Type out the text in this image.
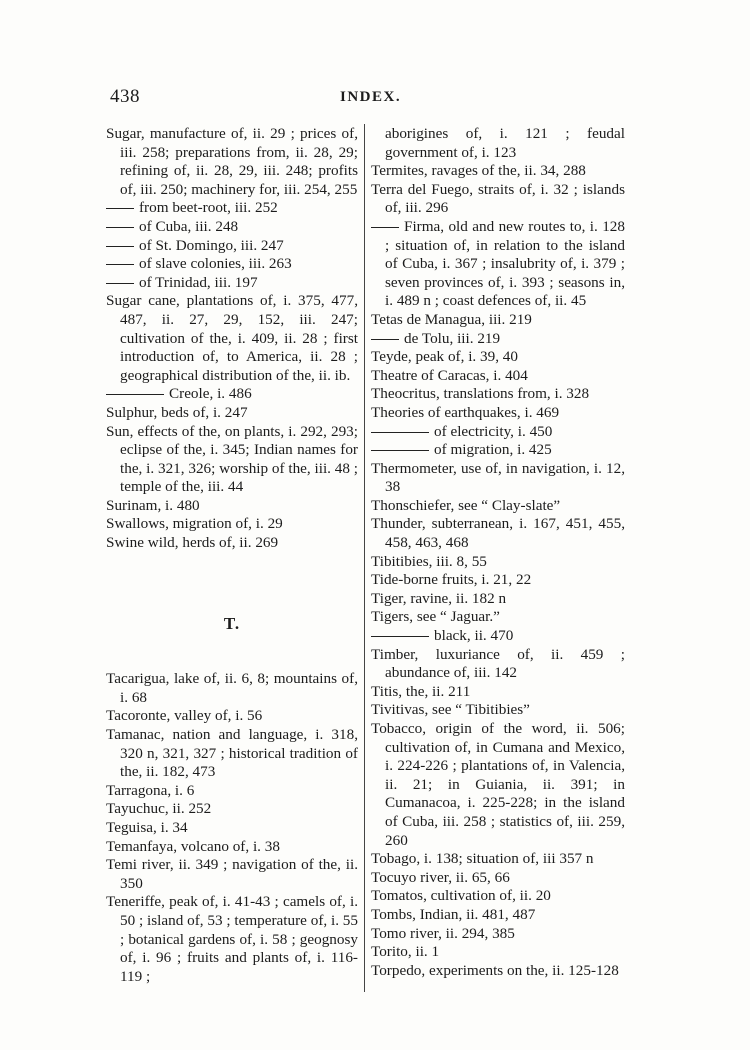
438	INDEX.
Sugar, manufacture of, ii. 29 ; prices of, iii. 258; preparations from, ii. 28, 29; refining of, ii. 28, 29, iii. 248; profits of, iii. 250; machinery for, iii. 254, 255
from beet-root, iii. 252
of Cuba, iii. 248
of St. Domingo, iii. 247
of slave colonies, iii. 263
of Trinidad, iii. 197
Sugar cane, plantations of, i. 375, 477, 487, ii. 27, 29, 152, iii. 247; cultivation of the, i. 409, ii. 28 ; first introduction of, to America, ii. 28 ; geographical distribution of the, ii. ib.
Creole, i. 486
Sulphur, beds of, i. 247
Sun, effects of the, on plants, i. 292, 293; eclipse of the, i. 345; Indian names for the, i. 321, 326; worship of the, iii. 48 ; temple of the, iii. 44
Surinam, i. 480
Swallows, migration of, i. 29
Swine wild, herds of, ii. 269
T.
Tacarigua, lake of, ii. 6, 8; mountains of, i. 68
Tacoronte, valley of, i. 56
Tamanac, nation and language, i. 318, 320 n, 321, 327 ; historical tradition of the, ii. 182, 473
Tarragona, i. 6
Tayuchuc, ii. 252
Teguisa, i. 34
Temanfaya, volcano of, i. 38
Temi river, ii. 349 ; navigation of the, ii. 350
Teneriffe, peak of, i. 41-43 ; camels of, i. 50 ; island of, 53 ; temperature of, i. 55 ; botanical gardens of, i. 58 ; geognosy of, i. 96 ; fruits and plants of, i. 116-119 ;
aborigines of, i. 121 ; feudal government of, i. 123
Termites, ravages of the, ii. 34, 288
Terra del Fuego, straits of, i. 32 ; islands of, iii. 296
Firma, old and new routes to, i. 128 ; situation of, in relation to the island of Cuba, i. 367 ; insalubrity of, i. 379 ; seven provinces of, i. 393 ; seasons in, i. 489 n ; coast defences of, ii. 45
Tetas de Managua, iii. 219
de Tolu, iii. 219
Teyde, peak of, i. 39, 40
Theatre of Caracas, i. 404
Theocritus, translations from, i. 328
Theories of earthquakes, i. 469
of electricity, i. 450
of migration, i. 425
Thermometer, use of, in navigation, i. 12, 38
Thonschiefer, see “ Clay-slate”
Thunder, subterranean, i. 167, 451, 455, 458, 463, 468
Tibitibies, iii. 8, 55
Tide-borne fruits, i. 21, 22
Tiger, ravine, ii. 182 n
Tigers, see “ Jaguar.”
black, ii. 470
Timber, luxuriance of, ii. 459 ; abundance of, iii. 142
Titis, the, ii. 211
Tivitivas, see “ Tibitibies”
Tobacco, origin of the word, ii. 506; cultivation of, in Cumana and Mexico, i. 224-226 ; plantations of, in Valencia, ii. 21; in Guiania, ii. 391; in Cumanacoa, i. 225-228; in the island of Cuba, iii. 258 ; statistics of, iii. 259, 260
Tobago, i. 138; situation of, iii 357 n
Tocuyo river, ii. 65, 66
Tomatos, cultivation of, ii. 20
Tombs, Indian, ii. 481, 487
Tomo river, ii. 294, 385
Torito, ii. 1
Torpedo, experiments on the, ii. 125-128
